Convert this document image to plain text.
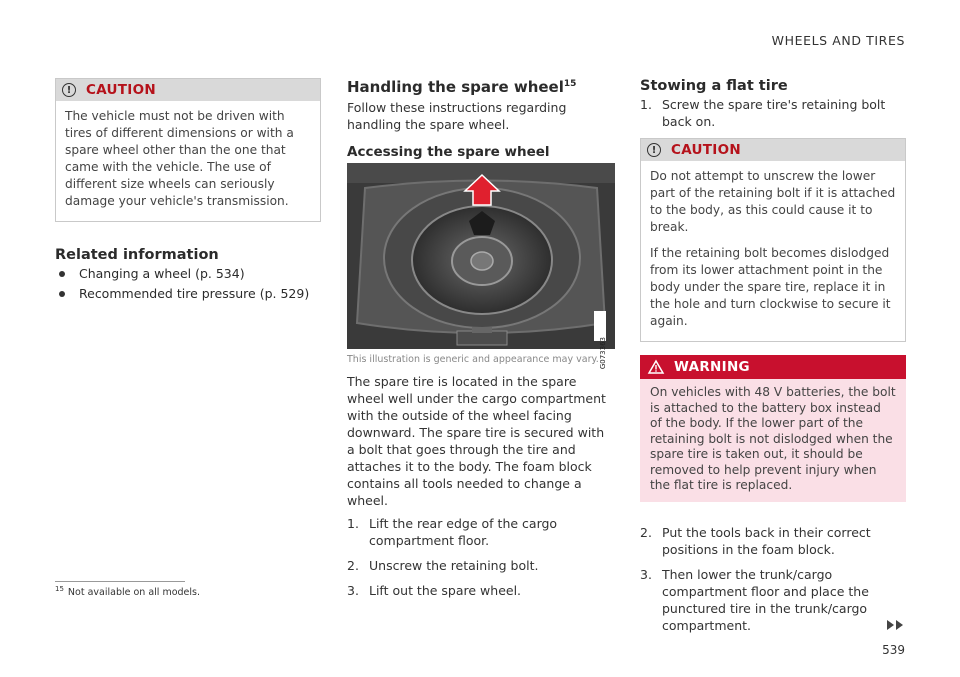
WHEELS AND TIRES
!	CAUTION

The vehicle must not be driven with tires of different dimensions or with a spare wheel other than the one that came with the vehicle. The use of different size wheels can seriously damage your vehicle's transmission.

Related information
Changing a wheel (p. 534)
Recommended tire pressure (p. 529)
Handling the spare wheel$^{15}$
Follow these instructions regarding handling the spare wheel.
Accessing the spare wheel
G073363
This illustration is generic and appearance may vary.
The spare tire is located in the spare wheel well under the cargo compartment with the outside of the wheel facing downward. The spare tire is secured with a bolt that goes through the tire and attaches it to the body. The foam block contains all tools needed to change a wheel.
1. Lift the rear edge of the cargo compartment floor.
2. Unscrew the retaining bolt.
3. Lift out the spare wheel.
Stowing a flat tire
1. Screw the spare tire's retaining bolt back on.
!	CAUTION

Do not attempt to unscrew the lower part of the retaining bolt if it is attached to the body, as this could cause it to break.

If the retaining bolt becomes dislodged from its lower attachment point in the body under the spare tire, replace it in the hole and turn clockwise to secure it again.

WARNING
On vehicles with 48 V batteries, the bolt is attached to the battery box instead of the body. If the lower part of the retaining bolt is not dislodged when the spare tire is taken out, it should be removed to help prevent injury when the flat tire is replaced.
2. Put the tools back in their correct positions in the foam block.
3. Then lower the trunk/cargo compartment floor and place the punctured tire in the trunk/cargo compartment.
$^{15}$ Not available on all models.
539
